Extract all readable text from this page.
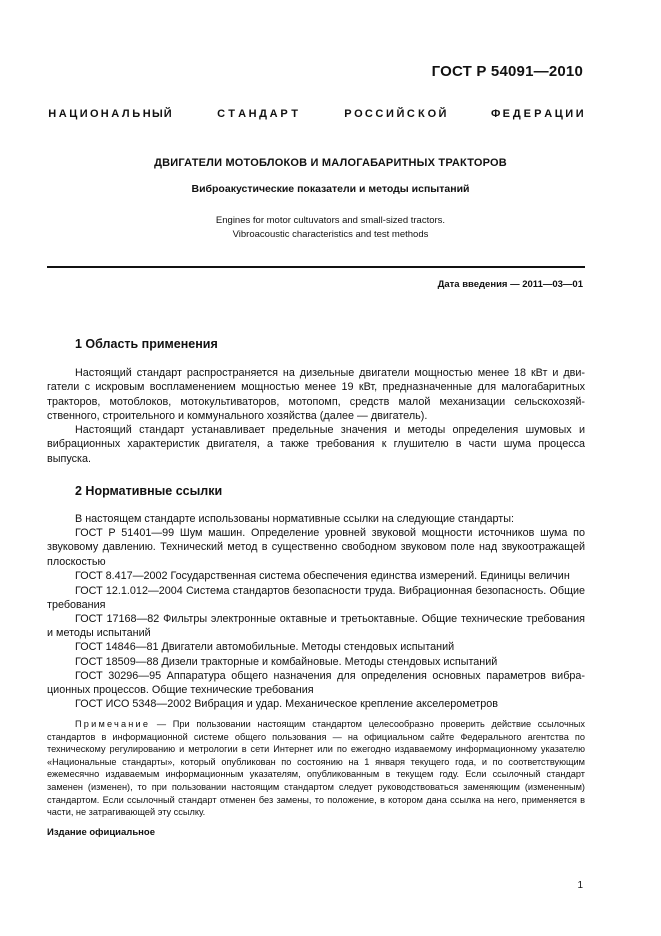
ГОСТ Р 54091—2010
Н А Ц И О Н А Л Ь Н Ы Й	С Т А Н Д А Р Т	Р О С С И Й С К О Й	Ф Е Д Е Р А Ц И И
ДВИГАТЕЛИ МОТОБЛОКОВ И МАЛОГАБАРИТНЫХ ТРАКТОРОВ
Виброакустические показатели и методы испытаний
Engines for motor cultuvators and small-sized tractors.
Vibroacoustic characteristics and test methods
Дата введения — 2011—03—01
1 Область применения
Настоящий стандарт распространяется на дизельные двигатели мощностью менее 18 кВт и двигатели с искровым воспламенением мощностью менее 19 кВт, предназначенные для малогабаритных тракторов, мотоблоков, мотокультиваторов, мотопомп, средств малой механизации сельскохозяйственного, строительного и коммунального хозяйства (далее — двигатель).
Настоящий стандарт устанавливает предельные значения и методы определения шумовых и вибрационных характеристик двигателя, а также требования к глушителю в части шума процесса выпуска.
2 Нормативные ссылки
В настоящем стандарте использованы нормативные ссылки на следующие стандарты:
ГОСТ Р 51401—99 Шум машин. Определение уровней звуковой мощности источников шума по звуковому давлению. Технический метод в существенно свободном звуковом поле над звукоотражащей плоскостью
ГОСТ 8.417—2002 Государственная система обеспечения единства измерений. Единицы величин
ГОСТ 12.1.012—2004 Система стандартов безопасности труда. Вибрационная безопасность. Общие требования
ГОСТ 17168—82 Фильтры электронные октавные и третьоктавные. Общие технические требования и методы испытаний
ГОСТ 14846—81 Двигатели автомобильные. Методы стендовых испытаний
ГОСТ 18509—88 Дизели тракторные и комбайновые. Методы стендовых испытаний
ГОСТ 30296—95 Аппаратура общего назначения для определения основных параметров вибрационных процессов. Общие технические требования
ГОСТ ИСО 5348—2002 Вибрация и удар. Механическое крепление акселерометров
Примечание — При пользовании настоящим стандартом целесообразно проверить действие ссылочных стандартов в информационной системе общего пользования — на официальном сайте Федерального агентства по техническому регулированию и метрологии в сети Интернет или по ежегодно издаваемому информационному указателю «Национальные стандарты», который опубликован по состоянию на 1 января текущего года, и по соответствующим ежемесячно издаваемым информационным указателям, опубликованным в текущем году. Если ссылочный стандарт заменен (изменен), то при пользовании настоящим стандартом следует руководствоваться заменяющим (измененным) стандартом. Если ссылочный стандарт отменен без замены, то положение, в котором дана ссылка на него, применяется в части, не затрагивающей эту ссылку.
Издание официальное
1
